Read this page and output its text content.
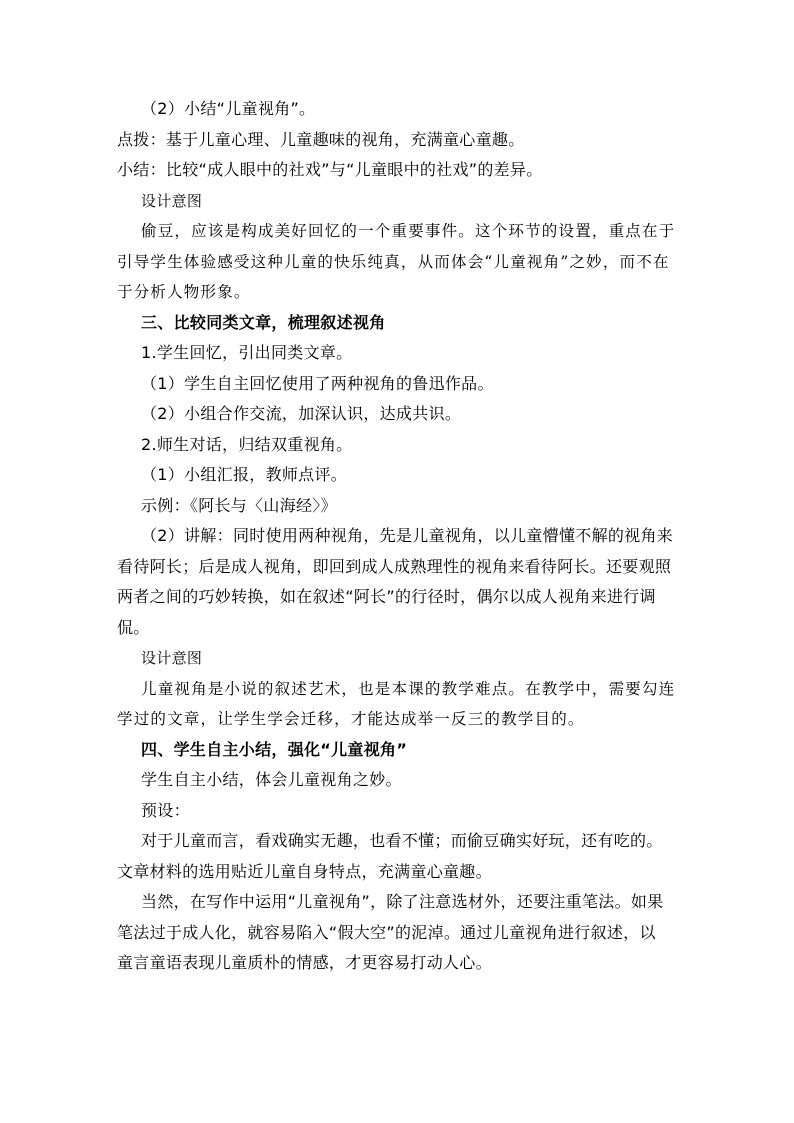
（2）小结“儿童视角”。
点拨：基于儿童心理、儿童趣味的视角，充满童心童趣。
小结：比较“成人眼中的社戏”与“儿童眼中的社戏”的差异。
设计意图
偷豆，应该是构成美好回忆的一个重要事件。这个环节的设置，重点在于
引导学生体验感受这种儿童的快乐纯真，从而体会“儿童视角”之妙，而不在
于分析人物形象。
三、比较同类文章，梳理叙述视角
1.学生回忆，引出同类文章。
（1）学生自主回忆使用了两种视角的鲁迅作品。
（2）小组合作交流，加深认识，达成共识。
2.师生对话，归结双重视角。
（1）小组汇报，教师点评。
示例：《阿长与〈山海经〉》
（2）讲解：同时使用两种视角，先是儿童视角，以儿童懵懂不解的视角来
看待阿长；后是成人视角，即回到成人成熟理性的视角来看待阿长。还要观照
两者之间的巧妙转换，如在叙述“阿长”的行径时，偶尔以成人视角来进行调
侃。
设计意图
儿童视角是小说的叙述艺术，也是本课的教学难点。在教学中，需要勾连
学过的文章，让学生学会迁移，才能达成举一反三的教学目的。
四、学生自主小结，强化“儿童视角”
学生自主小结，体会儿童视角之妙。
预设：
对于儿童而言，看戏确实无趣，也看不懂；而偷豆确实好玩，还有吃的。
文章材料的选用贴近儿童自身特点，充满童心童趣。
当然，在写作中运用“儿童视角”，除了注意选材外，还要注重笔法。如果
笔法过于成人化，就容易陷入“假大空”的泥淖。通过儿童视角进行叙述，以
童言童语表现儿童质朴的情感，才更容易打动人心。
